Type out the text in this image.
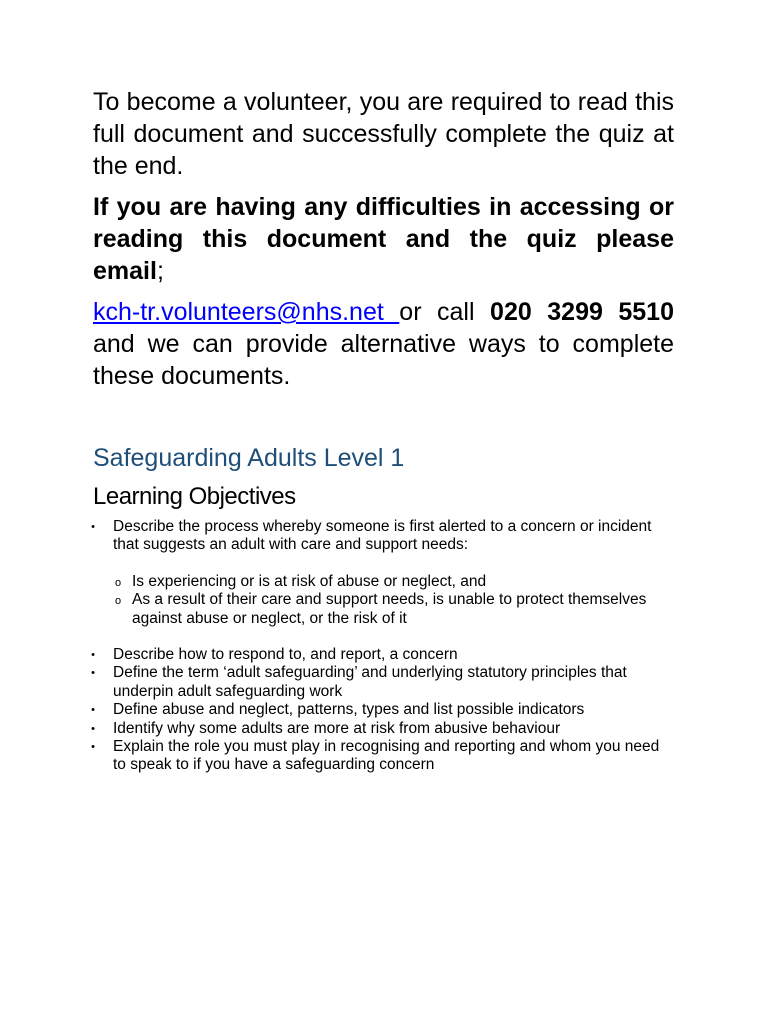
To become a volunteer, you are required to read this full document and successfully complete the quiz at the end.

If you are having any difficulties in accessing or reading this document and the quiz please email;

kch-tr.volunteers@nhs.net or call 020 3299 5510 and we can provide alternative ways to complete these documents.

Safeguarding Adults Level 1
Learning Objectives
• Describe the process whereby someone is first alerted to a concern or incident that suggests an adult with care and support needs:
o Is experiencing or is at risk of abuse or neglect, and
o As a result of their care and support needs, is unable to protect themselves against abuse or neglect, or the risk of it
• Describe how to respond to, and report, a concern
• Define the term ‘adult safeguarding’ and underlying statutory principles that underpin adult safeguarding work
• Define abuse and neglect, patterns, types and list possible indicators
• Identify why some adults are more at risk from abusive behaviour
• Explain the role you must play in recognising and reporting and whom you need to speak to if you have a safeguarding concern
